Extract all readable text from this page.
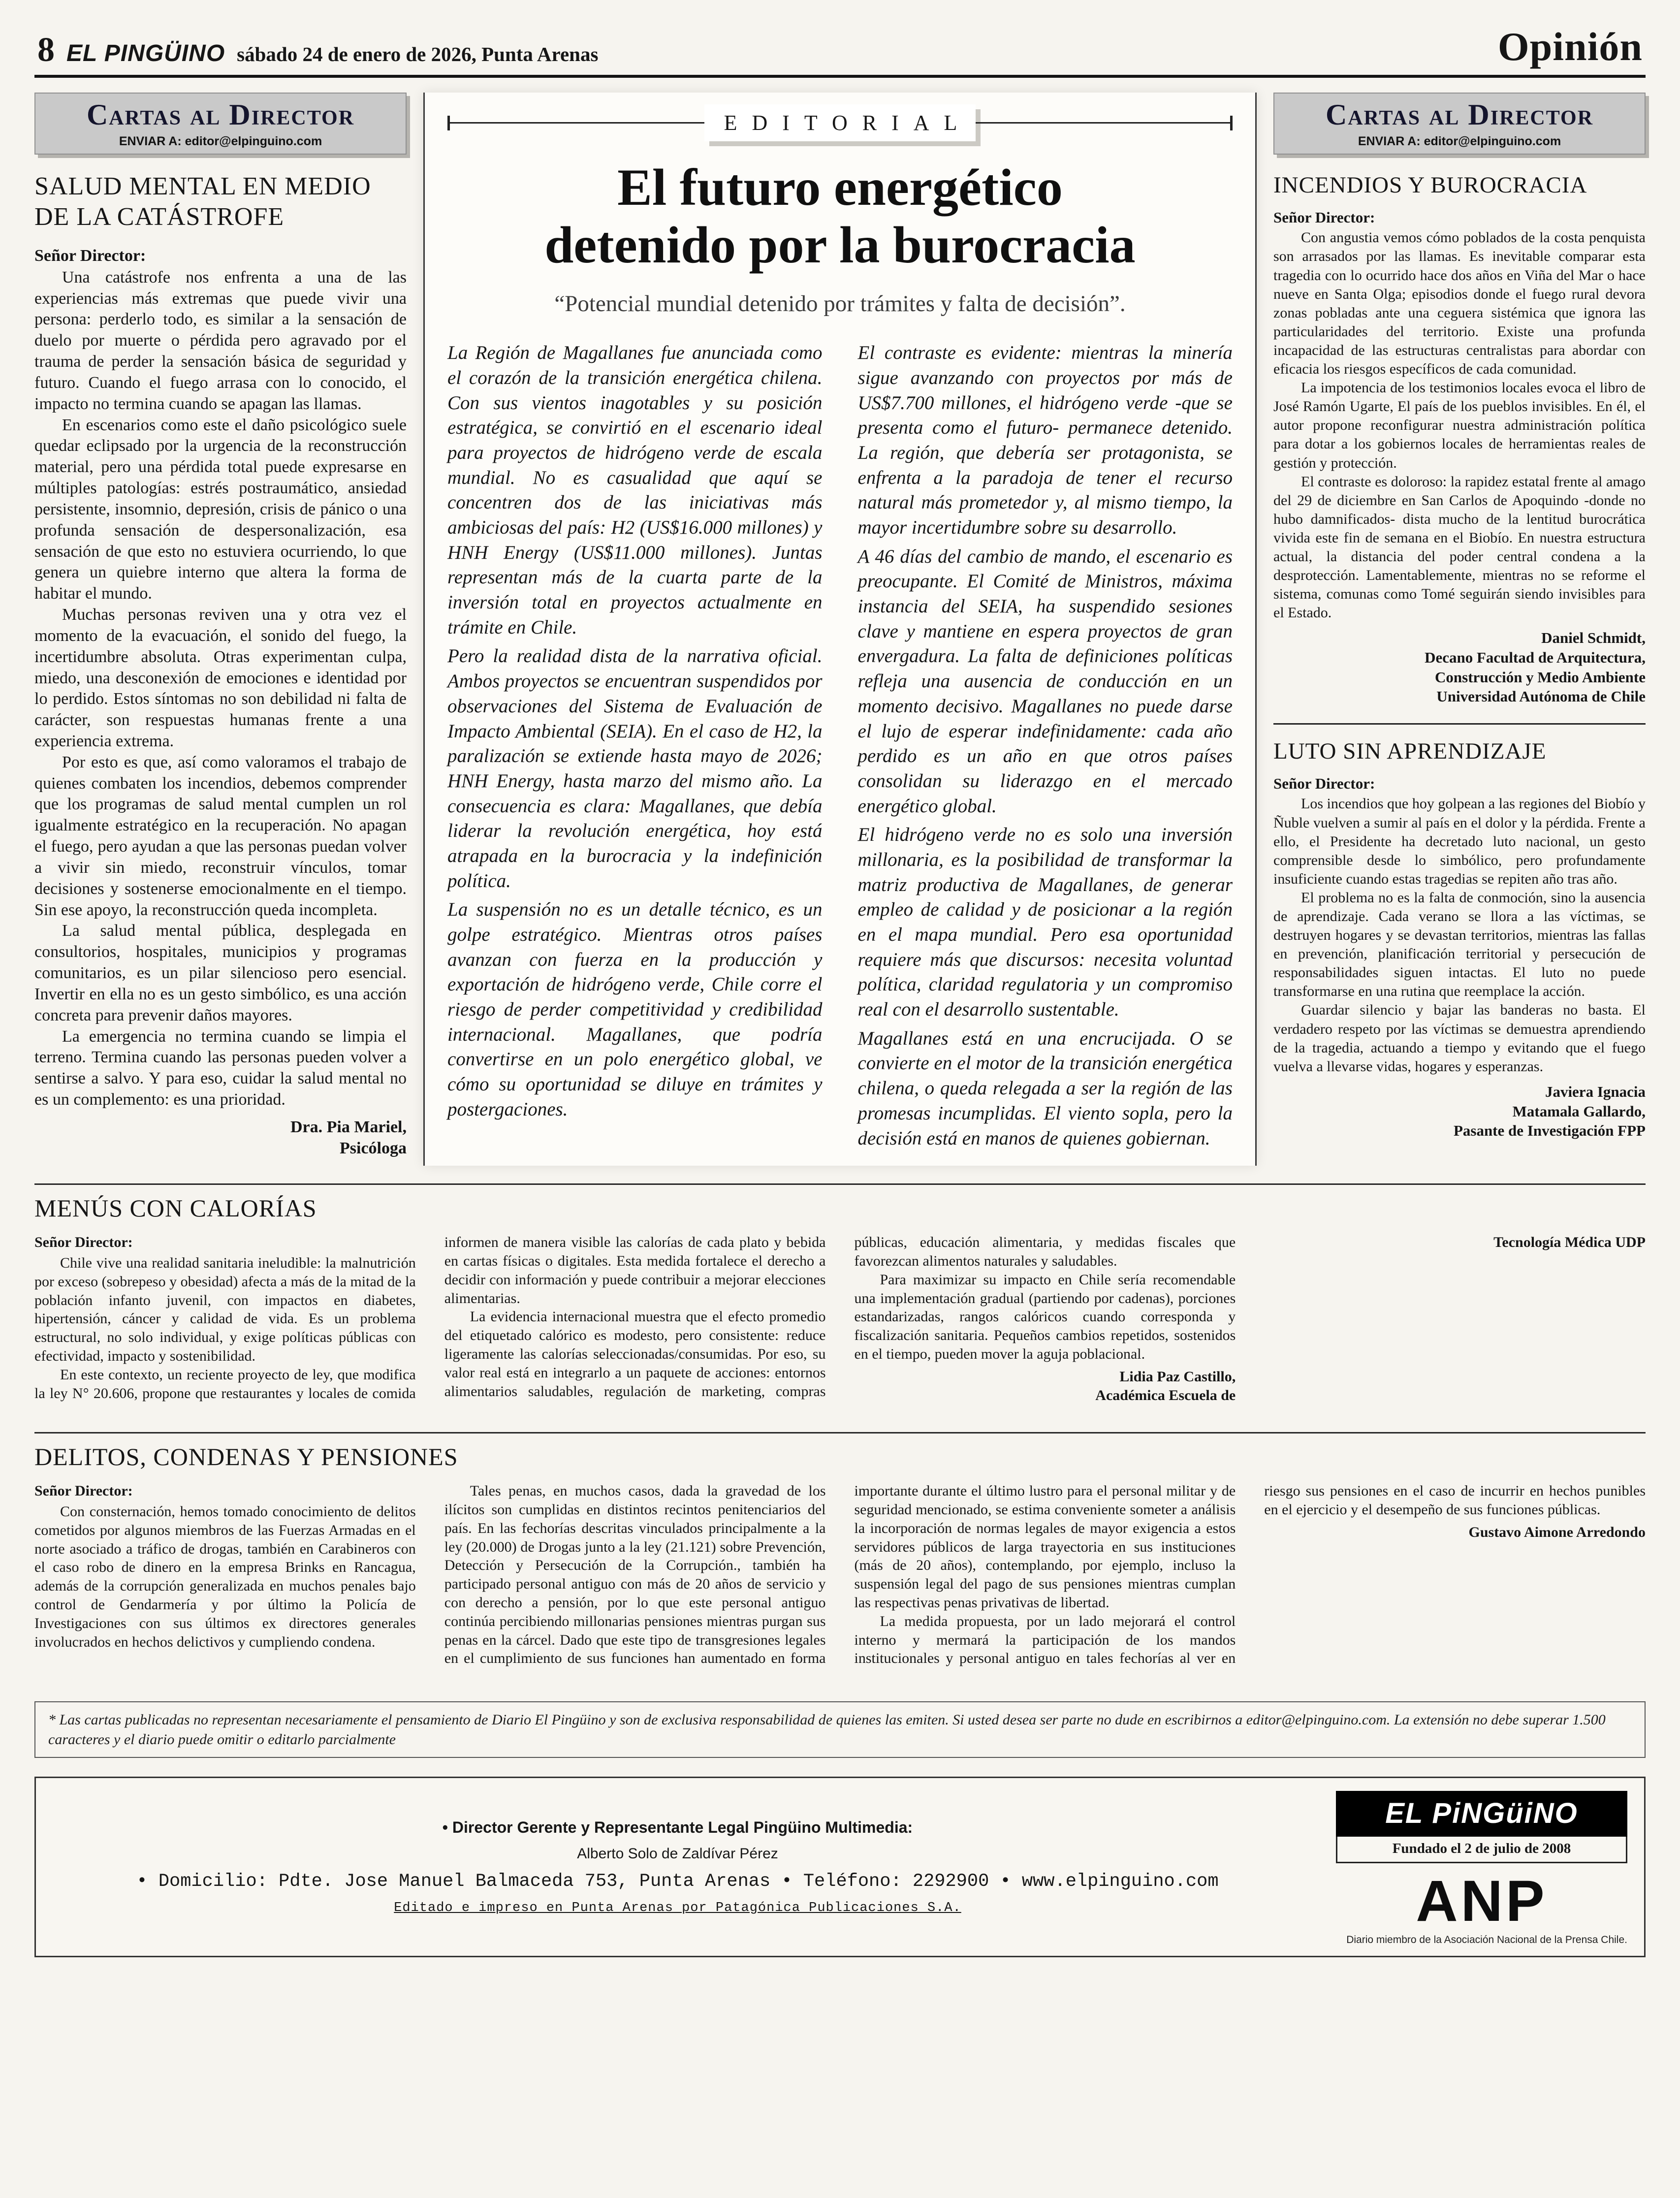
8 EL PINGÜINO sábado 24 de enero de 2026, Punta Arenas	Opinión
Cartas al Director
ENVIAR A: editor@elpinguino.com
SALUD MENTAL EN MEDIO DE LA CATÁSTROFE
Señor Director:

Una catástrofe nos enfrenta a una de las experiencias más extremas que puede vivir una persona: perderlo todo, es similar a la sensación de duelo por muerte o pérdida pero agravado por el trauma de perder la sensación básica de seguridad y futuro. Cuando el fuego arrasa con lo conocido, el impacto no termina cuando se apagan las llamas.

En escenarios como este el daño psicológico suele quedar eclipsado por la urgencia de la reconstrucción material, pero una pérdida total puede expresarse en múltiples patologías: estrés postraumático, ansiedad persistente, insomnio, depresión, crisis de pánico o una profunda sensación de despersonalización, esa sensación de que esto no estuviera ocurriendo, lo que genera un quiebre interno que altera la forma de habitar el mundo.

Muchas personas reviven una y otra vez el momento de la evacuación, el sonido del fuego, la incertidumbre absoluta. Otras experimentan culpa, miedo, una desconexión de emociones e identidad por lo perdido. Estos síntomas no son debilidad ni falta de carácter, son respuestas humanas frente a una experiencia extrema.

Por esto es que, así como valoramos el trabajo de quienes combaten los incendios, debemos comprender que los programas de salud mental cumplen un rol igualmente estratégico en la recuperación. No apagan el fuego, pero ayudan a que las personas puedan volver a vivir sin miedo, reconstruir vínculos, tomar decisiones y sostenerse emocionalmente en el tiempo. Sin ese apoyo, la reconstrucción queda incompleta.

La salud mental pública, desplegada en consultorios, hospitales, municipios y programas comunitarios, es un pilar silencioso pero esencial. Invertir en ella no es un gesto simbólico, es una acción concreta para prevenir daños mayores.

La emergencia no termina cuando se limpia el terreno. Termina cuando las personas pueden volver a sentirse a salvo. Y para eso, cuidar la salud mental no es un complemento: es una prioridad.

Dra. Pia Mariel,
Psicóloga
EDITORIAL
El futuro energético
detenido por la burocracia
“Potencial mundial detenido por trámites y falta de decisión”.

La Región de Magallanes fue anunciada como el corazón de la transición energética chilena. Con sus vientos inagotables y su posición estratégica, se convirtió en el escenario ideal para proyectos de hidrógeno verde de escala mundial. No es casualidad que aquí se concentren dos de las iniciativas más ambiciosas del país: H2 (US$16.000 millones) y HNH Energy (US$11.000 millones). Juntas representan más de la cuarta parte de la inversión total en proyectos actualmente en trámite en Chile.

Pero la realidad dista de la narrativa oficial. Ambos proyectos se encuentran suspendidos por observaciones del Sistema de Evaluación de Impacto Ambiental (SEIA). En el caso de H2, la paralización se extiende hasta mayo de 2026; HNH Energy, hasta marzo del mismo año. La consecuencia es clara: Magallanes, que debía liderar la revolución energética, hoy está atrapada en la burocracia y la indefinición política.

La suspensión no es un detalle técnico, es un golpe estratégico. Mientras otros países avanzan con fuerza en la producción y exportación de hidrógeno verde, Chile corre el riesgo de perder competitividad y credibilidad internacional. Magallanes, que podría convertirse en un polo energético global, ve cómo su oportunidad se diluye en trámites y postergaciones.

El contraste es evidente: mientras la minería sigue avanzando con proyectos por más de US$7.700 millones, el hidrógeno verde -que se presenta como el futuro- permanece detenido. La región, que debería ser protagonista, se enfrenta a la paradoja de tener el recurso natural más prometedor y, al mismo tiempo, la mayor incertidumbre sobre su desarrollo.

A 46 días del cambio de mando, el escenario es preocupante. El Comité de Ministros, máxima instancia del SEIA, ha suspendido sesiones clave y mantiene en espera proyectos de gran envergadura. La falta de definiciones políticas refleja una ausencia de conducción en un momento decisivo. Magallanes no puede darse el lujo de esperar indefinidamente: cada año perdido es un año en que otros países consolidan su liderazgo en el mercado energético global.

El hidrógeno verde no es solo una inversión millonaria, es la posibilidad de transformar la matriz productiva de Magallanes, de generar empleo de calidad y de posicionar a la región en el mapa mundial. Pero esa oportunidad requiere más que discursos: necesita voluntad política, claridad regulatoria y un compromiso real con el desarrollo sustentable.

Magallanes está en una encrucijada. O se convierte en el motor de la transición energética chilena, o queda relegada a ser la región de las promesas incumplidas. El viento sopla, pero la decisión está en manos de quienes gobiernan.

Cartas al Director
ENVIAR A: editor@elpinguino.com
INCENDIOS Y BUROCRACIA
Señor Director:

Con angustia vemos cómo poblados de la costa penquista son arrasados por las llamas. Es inevitable comparar esta tragedia con lo ocurrido hace dos años en Viña del Mar o hace nueve en Santa Olga; episodios donde el fuego rural devora zonas pobladas ante una ceguera sistémica que ignora las particularidades del territorio. Existe una profunda incapacidad de las estructuras centralistas para abordar con eficacia los riesgos específicos de cada comunidad.

La impotencia de los testimonios locales evoca el libro de José Ramón Ugarte, El país de los pueblos invisibles. En él, el autor propone reconfigurar nuestra administración política para dotar a los gobiernos locales de herramientas reales de gestión y protección.

El contraste es doloroso: la rapidez estatal frente al amago del 29 de diciembre en San Carlos de Apoquindo -donde no hubo damnificados- dista mucho de la lentitud burocrática vivida este fin de semana en el Biobío. En nuestra estructura actual, la distancia del poder central condena a la desprotección. Lamentablemente, mientras no se reforme el sistema, comunas como Tomé seguirán siendo invisibles para el Estado.

Daniel Schmidt,
Decano Facultad de Arquitectura,
Construcción y Medio Ambiente
Universidad Autónoma de Chile
LUTO SIN APRENDIZAJE
Señor Director:

Los incendios que hoy golpean a las regiones del Biobío y Ñuble vuelven a sumir al país en el dolor y la pérdida. Frente a ello, el Presidente ha decretado luto nacional, un gesto comprensible desde lo simbólico, pero profundamente insuficiente cuando estas tragedias se repiten año tras año.

El problema no es la falta de conmoción, sino la ausencia de aprendizaje. Cada verano se llora a las víctimas, se destruyen hogares y se devastan territorios, mientras las fallas en prevención, planificación territorial y persecución de responsabilidades siguen intactas. El luto no puede transformarse en una rutina que reemplace la acción.

Guardar silencio y bajar las banderas no basta. El verdadero respeto por las víctimas se demuestra aprendiendo de la tragedia, actuando a tiempo y evitando que el fuego vuelva a llevarse vidas, hogares y esperanzas.

Javiera Ignacia
Matamala Gallardo,
Pasante de Investigación FPP
MENÚS CON CALORÍAS
Señor Director:

Chile vive una realidad sanitaria ineludible: la malnutrición por exceso (sobrepeso y obesidad) afecta a más de la mitad de la población infanto juvenil, con impactos en diabetes, hipertensión, cáncer y calidad de vida. Es un problema estructural, no solo individual, y exige políticas públicas con efectividad, impacto y sostenibilidad.

En este contexto, un reciente proyecto de ley, que modifica la ley N° 20.606, propone que restaurantes y locales de comida informen de manera visible las calorías de cada plato y bebida en cartas físicas o digitales. Esta medida fortalece el derecho a decidir con información y puede contribuir a mejorar elecciones alimentarias.

La evidencia internacional muestra que el efecto promedio del etiquetado calórico es modesto, pero consistente: reduce ligeramente las calorías seleccionadas/consumidas. Por eso, su valor real está en integrarlo a un paquete de acciones: entornos alimentarios saludables, regulación de marketing, compras públicas, educación alimentaria, y medidas fiscales que favorezcan alimentos naturales y saludables.

Para maximizar su impacto en Chile sería recomendable una implementación gradual (partiendo por cadenas), porciones estandarizadas, rangos calóricos cuando corresponda y fiscalización sanitaria. Pequeños cambios repetidos, sostenidos en el tiempo, pueden mover la aguja poblacional.

Lidia Paz Castillo,
Académica Escuela de
Tecnología Médica UDP
DELITOS, CONDENAS Y PENSIONES
Señor Director:

Con consternación, hemos tomado conocimiento de delitos cometidos por algunos miembros de las Fuerzas Armadas en el norte asociado a tráfico de drogas, también en Carabineros con el caso robo de dinero en la empresa Brinks en Rancagua, además de la corrupción generalizada en muchos penales bajo control de Gendarmería y por último la Policía de Investigaciones con sus últimos ex directores generales involucrados en hechos delictivos y cumpliendo condena.

Tales penas, en muchos casos, dada la gravedad de los ilícitos son cumplidas en distintos recintos penitenciarios del país. En las fechorías descritas vinculados principalmente a la ley (20.000) de Drogas junto a la ley (21.121) sobre Prevención, Detección y Persecución de la Corrupción., también ha participado personal antiguo con más de 20 años de servicio y con derecho a pensión, por lo que este personal antiguo continúa percibiendo millonarias pensiones mientras purgan sus penas en la cárcel. Dado que este tipo de transgresiones legales en el cumplimiento de sus funciones han aumentado en forma importante durante el último lustro para el personal militar y de seguridad mencionado, se estima conveniente someter a análisis la incorporación de normas legales de mayor exigencia a estos servidores públicos de larga trayectoria en sus instituciones (más de 20 años), contemplando, por ejemplo, incluso la suspensión legal del pago de sus pensiones mientras cumplan las respectivas penas privativas de libertad.

La medida propuesta, por un lado mejorará el control interno y mermará la participación de los mandos institucionales y personal antiguo en tales fechorías al ver en riesgo sus pensiones en el caso de incurrir en hechos punibles en el ejercicio y el desempeño de sus funciones públicas.

Gustavo Aimone Arredondo

* Las cartas publicadas no representan necesariamente el pensamiento de Diario El Pingüino y son de exclusiva responsabilidad de quienes las emiten. Si usted desea ser parte no dude en escribirnos a editor@elpinguino.com. La extensión no debe superar 1.500 caracteres y el diario puede omitir o editarlo parcialmente

• Director Gerente y Representante Legal Pingüino Multimedia:
Alberto Solo de Zaldívar Pérez
• Domicilio: Pdte. Jose Manuel Balmaceda 753, Punta Arenas • Teléfono: 2292900 • www.elpinguino.com
Editado e impreso en Punta Arenas por Patagónica Publicaciones S.A.
EL PiNGüiNO
Fundado el 2 de julio de 2008
ANP
Diario miembro de la Asociación Nacional de la Prensa Chile.
